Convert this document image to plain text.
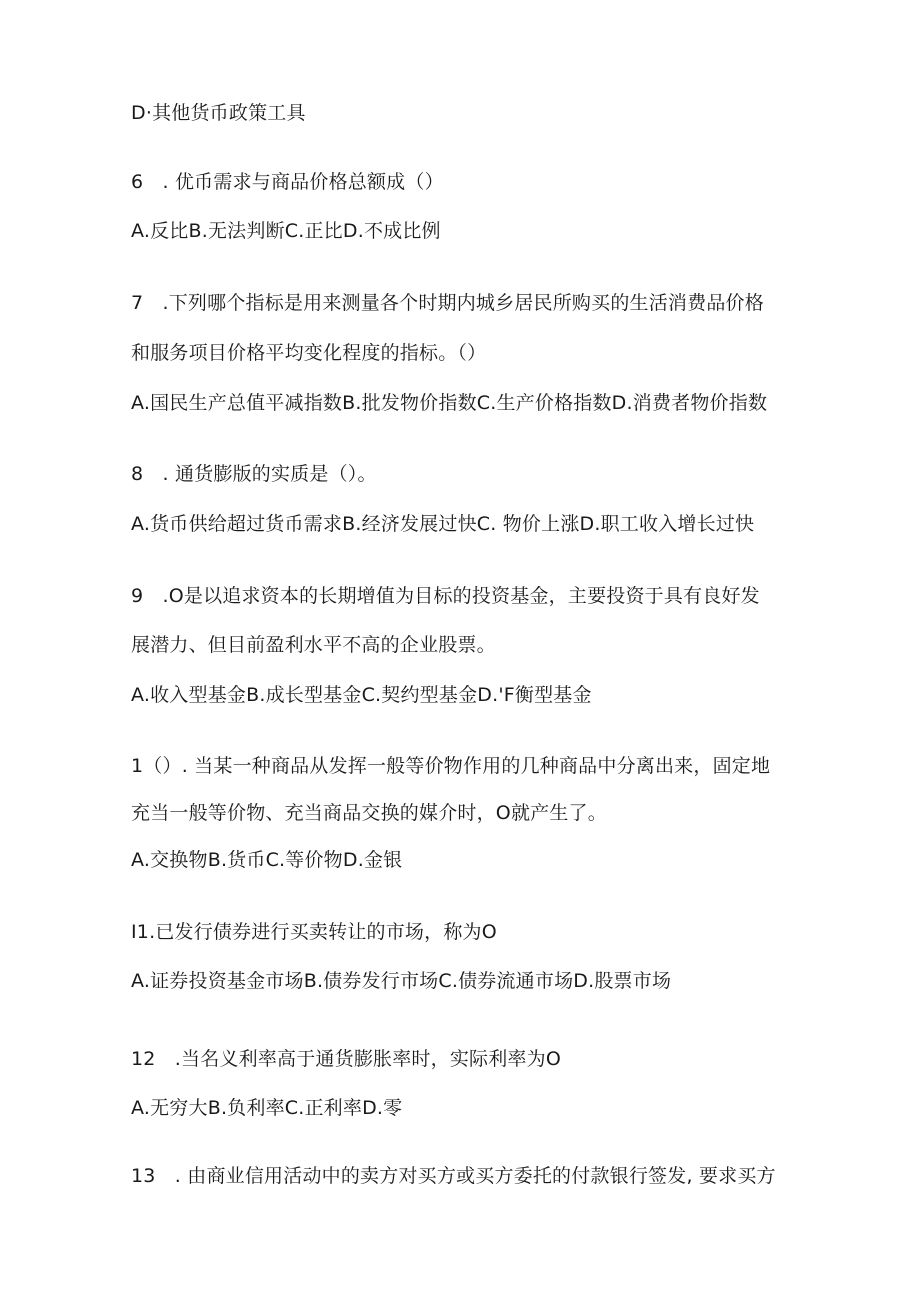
D·其他货币政策工具
6　. 优币需求与商品价格总额成（）
A.反比B.无法判断C.正比D.不成比例
7　.下列哪个指标是用来测量各个时期内城乡居民所购买的生活消费品价格
和服务项目价格平均变化程度的指标。（）
A.国民生产总值平减指数B.批发物价指数C.生产价格指数D.消费者物价指数
8　. 通货膨版的实质是（）。
A.货币供给超过货币需求B.经济发展过快C. 物价上涨D.职工收入增长过快
9　.O是以追求资本的长期增值为目标的投资基金，主要投资于具有良好发
展潜力、但目前盈利水平不高的企业股票。
A.收入型基金B.成长型基金C.契约型基金D.'F衡型基金
1（）. 当某一种商品从发挥一般等价物作用的几种商品中分离出来，固定地
充当一般等价物、充当商品交换的媒介时，O就产生了。
A.交换物B.货币C.等价物D.金银
I1.已发行债券进行买卖转让的市场，称为O
A.证券投资基金市场B.债券发行市场C.债券流通市场D.股票市场
12　.当名义利率高于通货膨胀率时，实际利率为O
A.无穷大B.负利率C.正利率D.零
13　. 由商业信用活动中的卖方对买方或买方委托的付款银行签发, 要求买方
